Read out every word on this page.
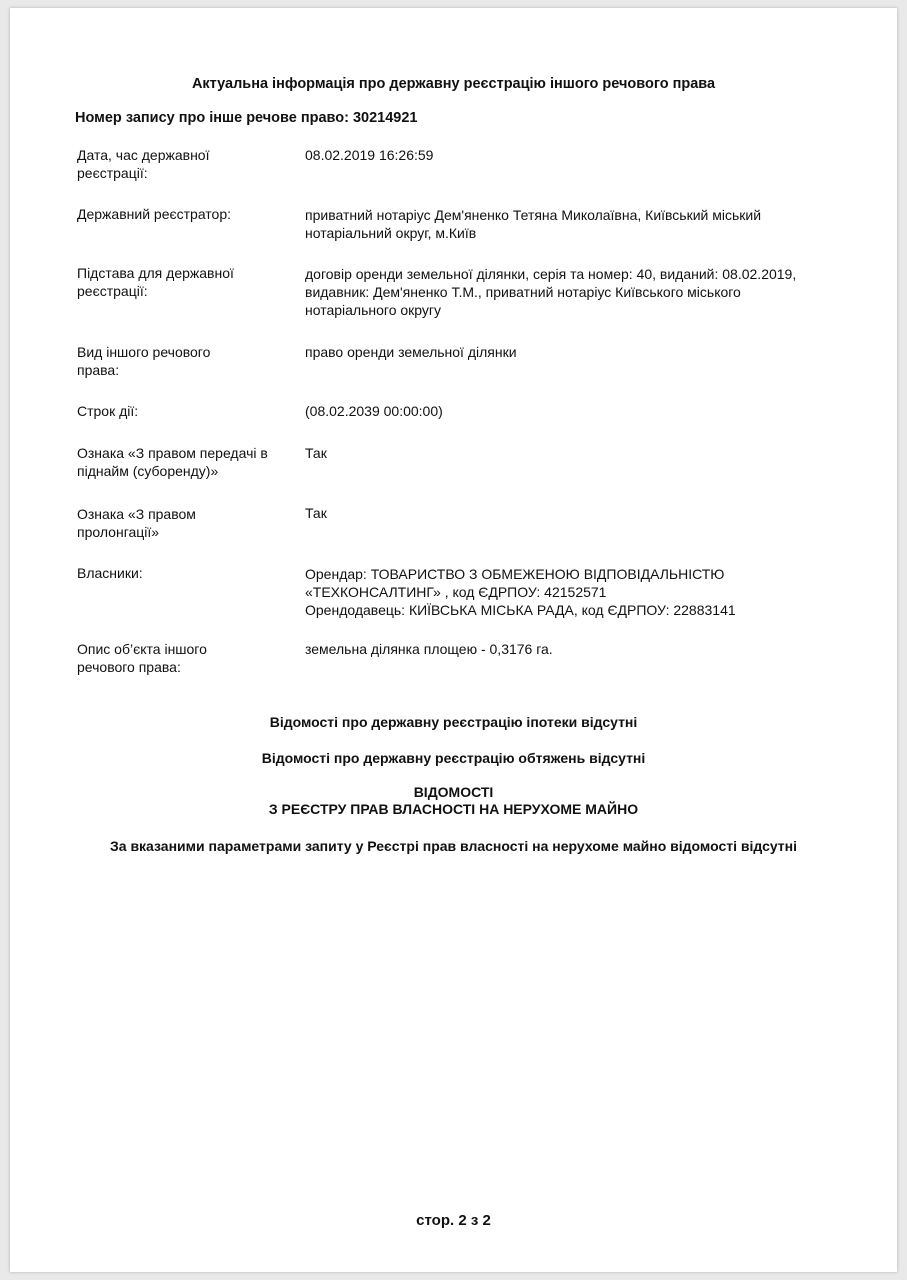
Актуальна інформація про державну реєстрацію іншого речового права
Номер запису про інше речове право: 30214921
Дата, час державної реєстрації:
08.02.2019 16:26:59
Державний реєстратор:	приватний нотаріус Дем'яненко Тетяна Миколаївна, Київський міський нотаріальний округ, м.Київ
Підстава для державної реєстрації:
договір оренди земельної ділянки, серія та номер: 40, виданий: 08.02.2019, видавник: Дем'яненко Т.М., приватний нотаріус Київського міського нотаріального округу
Вид іншого речового права:
право оренди земельної ділянки
Строк дії:	(08.02.2039 00:00:00)
Ознака «З правом передачі в піднайм (суборенду)»
Так
Ознака «З правом пролонгації»
Так
Власники:	Орендар: ТОВАРИСТВО З ОБМЕЖЕНОЮ ВІДПОВІДАЛЬНІСТЮ «ТЕХКОНСАЛТИНГ» , код ЄДРПОУ: 42152571
Орендодавець: КИЇВСЬКА МІСЬКА РАДА, код ЄДРПОУ: 22883141
Опис об’єкта іншого речового права:
земельна ділянка площею - 0,3176 га.
Відомості про державну реєстрацію іпотеки відсутні
Відомості про державну реєстрацію обтяжень відсутні
ВІДОМОСТІ
З РЕЄСТРУ ПРАВ ВЛАСНОСТІ НА НЕРУХОМЕ МАЙНО
За вказаними параметрами запиту у Реєстрі прав власності на нерухоме майно відомості відсутні
стор. 2 з 2
